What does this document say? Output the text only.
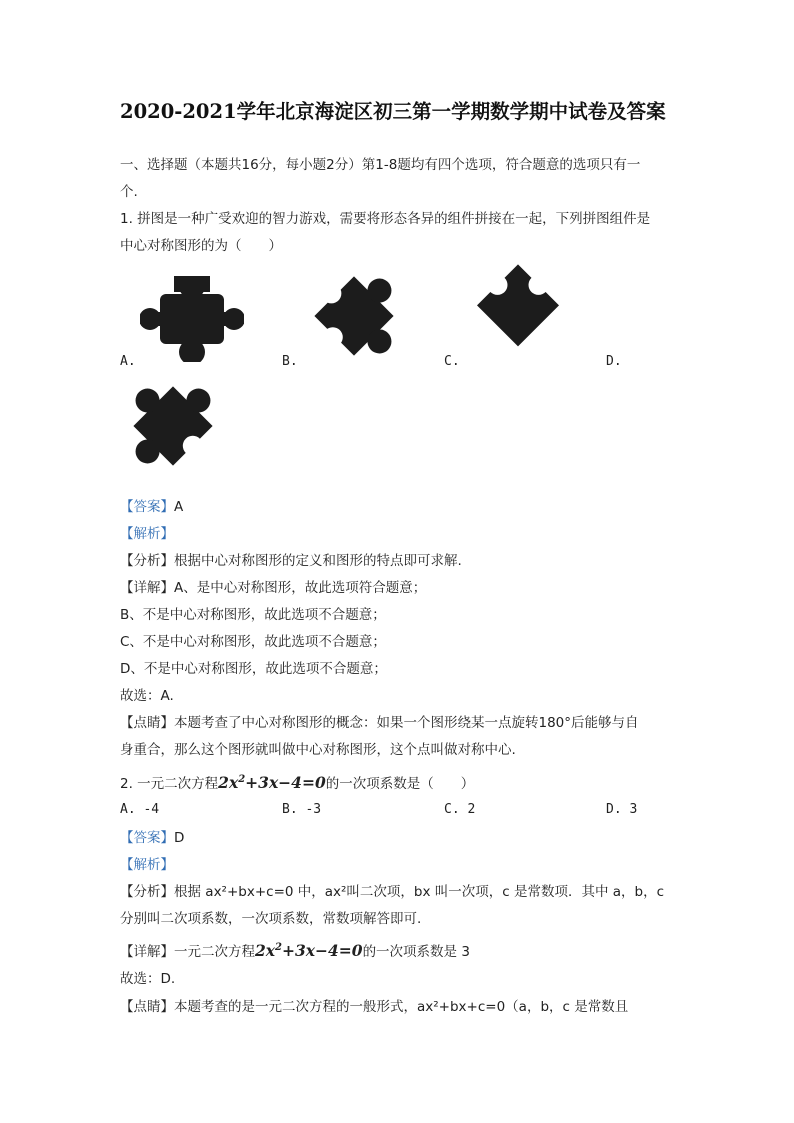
2020-2021学年北京海淀区初三第一学期数学期中试卷及答案
一、选择题（本题共16分，每小题2分）第1-8题均有四个选项，符合题意的选项只有一
个.
1. 拼图是一种广受欢迎的智力游戏，需要将形态各异的组件拼接在一起，下列拼图组件是
中心对称图形的为（　　）
A.	B.	C.	D.
【答案】A
【解析】
【分析】根据中心对称图形的定义和图形的特点即可求解.
【详解】A、是中心对称图形，故此选项符合题意；
B、不是中心对称图形，故此选项不合题意；
C、不是中心对称图形，故此选项不合题意；
D、不是中心对称图形，故此选项不合题意；
故选：A.
【点睛】本题考查了中心对称图形的概念：如果一个图形绕某一点旋转180°后能够与自
身重合，那么这个图形就叫做中心对称图形，这个点叫做对称中心.
2. 一元二次方程$2x^2+3x-4=0$的一次项系数是（　　）
A. -4	B. -3	C. 2	D. 3
【答案】D
【解析】
【分析】根据 ax²+bx+c=0 中，ax²叫二次项，bx 叫一次项，c 是常数项．其中 a，b，c
分别叫二次项系数，一次项系数，常数项解答即可.
【详解】一元二次方程$2x^2+3x-4=0$的一次项系数是 3
故选：D.
【点睛】本题考查的是一元二次方程的一般形式，ax²+bx+c=0（a，b，c 是常数且
